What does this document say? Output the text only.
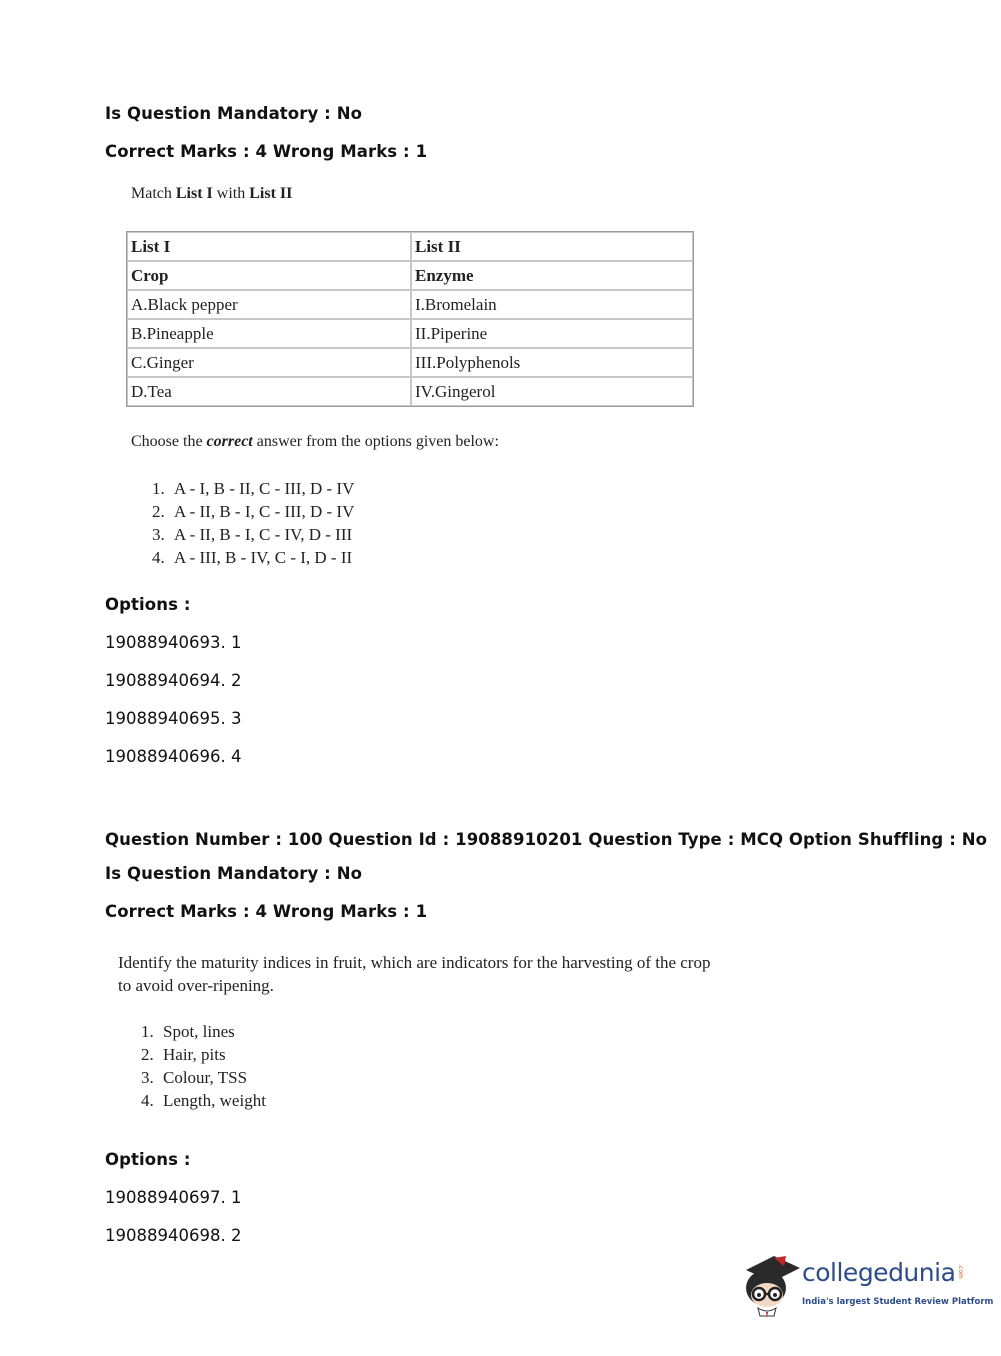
Is Question Mandatory : No
Correct Marks : 4 Wrong Marks : 1
Match List I with List II
List I	List II
Crop	Enzyme
A.Black pepper	I.Bromelain
B.Pineapple	II.Piperine
C.Ginger	III.Polyphenols
D.Tea	IV.Gingerol
Choose the correct answer from the options given below:
1. A - I, B - II, C - III, D - IV
2. A - II, B - I, C - III, D - IV
3. A - II, B - I, C - IV, D - III
4. A - III, B - IV, C - I, D - II
Options :
19088940693. 1
19088940694. 2
19088940695. 3
19088940696. 4
Question Number : 100 Question Id : 19088910201 Question Type : MCQ Option Shuffling : No
Is Question Mandatory : No
Correct Marks : 4 Wrong Marks : 1
Identify the maturity indices in fruit, which are indicators for the harvesting of the crop to avoid over-ripening.
1. Spot, lines
2. Hair, pits
3. Colour, TSS
4. Length, weight
Options :
19088940697. 1
19088940698. 2
collegedunia .com
India's largest Student Review Platform
